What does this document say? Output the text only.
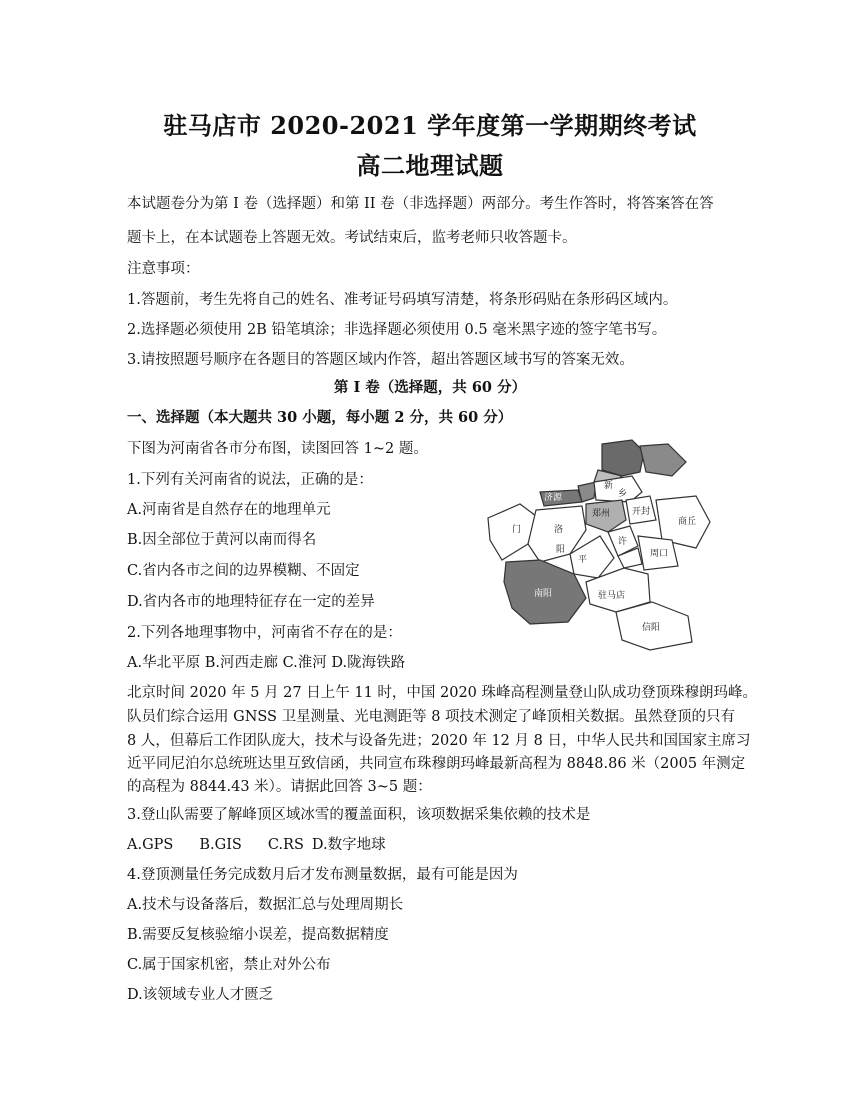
驻马店市 2020-2021 学年度第一学期期终考试
高二地理试题
本试题卷分为第 I 卷（选择题）和第 II 卷（非选择题）两部分。考生作答时，将答案答在答
题卡上，在本试题卷上答题无效。考试结束后，监考老师只收答题卡。
注意事项：
1.答题前，考生先将自己的姓名、准考证号码填写清楚，将条形码贴在条形码区域内。
2.选择题必须使用 2B 铅笔填涂；非选择题必须使用 0.5 毫米黑字迹的签字笔书写。
3.请按照题号顺序在各题目的答题区域内作答，超出答题区域书写的答案无效。
第 I 卷（选择题，共 60 分）
一、选择题（本大题共 30 小题，每小题 2 分，共 60 分）
下图为河南省各市分布图，读图回答 1~2 题。
1.下列有关河南省的说法，正确的是：
A.河南省是自然存在的地理单元
B.因全部位于黄河以南而得名
C.省内各市之间的边界模糊、不固定
D.省内各市的地理特征存在一定的差异
2.下列各地理事物中，河南省不存在的是：
A.华北平原 B.河西走廊 C.淮河 D.陇海铁路
门	洛
阳
济源
新
乡
郑州 开封
商丘
平
许
周口
南阳	驻马店
信阳
北京时间 2020 年 5 月 27 日上午 11 时，中国 2020 珠峰高程测量登山队成功登顶珠穆朗玛峰。
队员们综合运用 GNSS 卫星测量、光电测距等 8 项技术测定了峰顶相关数据。虽然登顶的只有
8 人，但幕后工作团队庞大，技术与设备先进；2020 年 12 月 8 日，中华人民共和国国家主席习
近平同尼泊尔总统班达里互致信函，共同宣布珠穆朗玛峰最新高程为 8848.86 米（2005 年测定
的高程为 8844.43 米）。请据此回答 3~5 题：
3.登山队需要了解峰顶区域冰雪的覆盖面积，该项数据采集依赖的技术是
A.GPS B.GIS C.RS D.数字地球
4.登顶测量任务完成数月后才发布测量数据，最有可能是因为
A.技术与设备落后，数据汇总与处理周期长
B.需要反复核验缩小误差，提高数据精度
C.属于国家机密，禁止对外公布
D.该领域专业人才匮乏
